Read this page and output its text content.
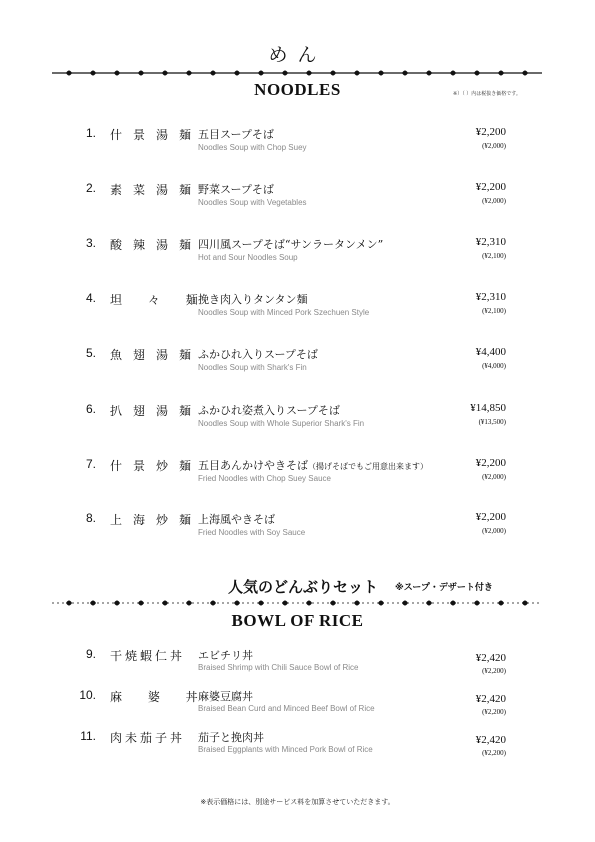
めん
NOODLES	※）（ ）内は税抜き価格です。
1. 什景湯麺
五目スープそば
Noodles Soup with Chop Suey
¥2,200
(¥2,000)
2. 素菜湯麺
野菜スープそば
Noodles Soup with Vegetables
¥2,200
(¥2,000)
3. 酸辣湯麺
四川風スープそば“サンラータンメン”
Hot and Sour Noodles Soup
¥2,310
(¥2,100)
4. 坦 々 麺
挽き肉入りタンタン麺
Noodles Soup with Minced Pork Szechuen Style
¥2,310
(¥2,100)
5. 魚翅湯麺
ふかひれ入りスープそば
Noodles Soup with Shark's Fin
¥4,400
(¥4,000)
6. 扒翅湯麺
ふかひれ姿煮入りスープそば
Noodles Soup with Whole Superior Shark's Fin
¥14,850
(¥13,500)
7. 什景炒麺
五目あんかけやきそば（揚げそばでもご用意出来ます）
Fried Noodles with Chop Suey Sauce
¥2,200
(¥2,000)
8. 上海炒麺
上海風やきそば
Fried Noodles with Soy Sauce
¥2,200
(¥2,000)
人気のどんぶりセット ※スープ・デザート付き
BOWL OF RICE
9. 干焼蝦仁丼 エビチリ丼
Braised Shrimp with Chili Sauce Bowl of Rice
¥2,420
(¥2,200)
10. 麻 婆 丼
麻婆豆腐丼
Braised Bean Curd and Minced Beef Bowl of Rice
¥2,420
(¥2,200)
11. 肉未茄子丼 茄子と挽肉丼
Braised Eggplants with Minced Pork Bowl of Rice
¥2,420
(¥2,200)
※表示価格には、別途サービス料を加算させていただきます。
